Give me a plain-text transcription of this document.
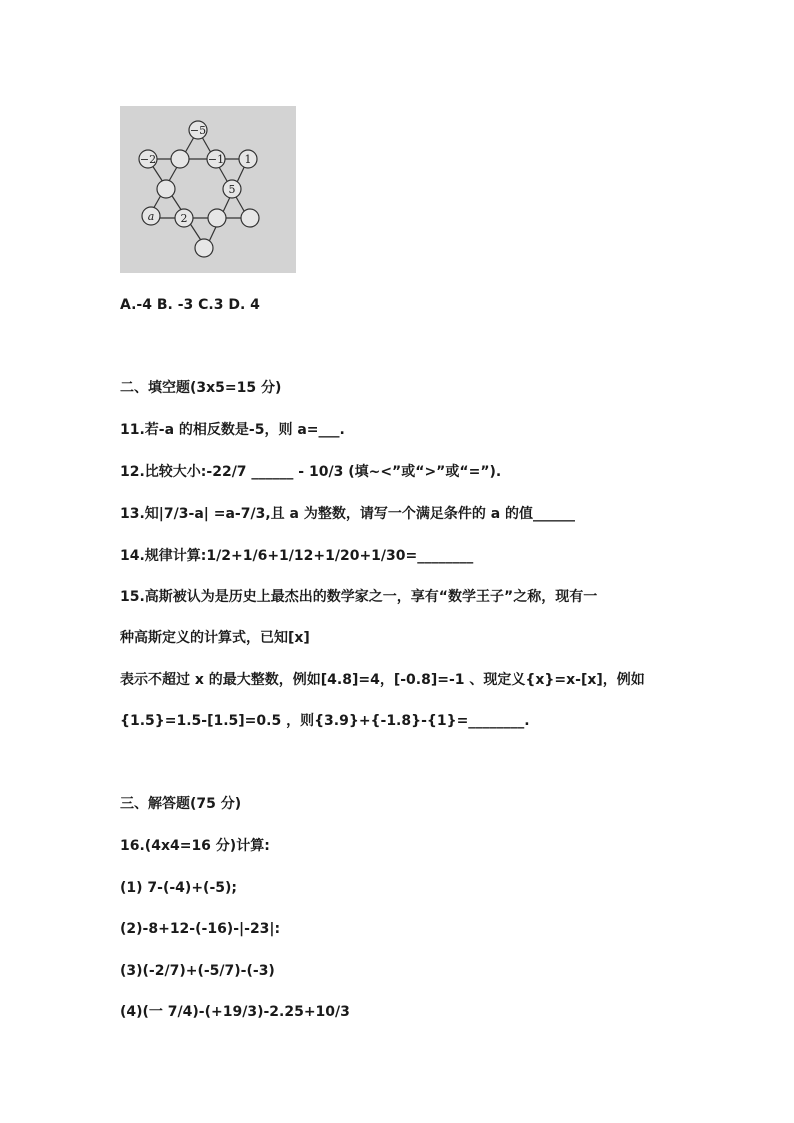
−5
−2	−1 1
5
a 2
A.-4 B. -3 C.3 D. 4
二、填空题(3x5=15 分)
11.若-a 的相反数是-5，则 a=___.
12.比较大小:-22/7 ______ - 10/3 (填~<”或“>”或“=”).
13.知|7/3-a| =a-7/3,且 a 为整数，请写一个满足条件的 a 的值______
14.规律计算:1/2+1/6+1/12+1/20+1/30=________
15.高斯被认为是历史上最杰出的数学家之一，享有“数学王子”之称，现有一
种高斯定义的计算式，已知[x]
表示不超过 x 的最大整数，例如[4.8]=4，[-0.8]=-1 、现定义{x}=x-[x]，例如
{1.5}=1.5-[1.5]=0.5 ，则{3.9}+{-1.8}-{1}=________.
三、解答题(75 分)
16.(4x4=16 分)计算:
(1) 7-(-4)+(-5);
(2)-8+12-(-16)-|-23|:
(3)(-2/7)+(-5/7)-(-3)
(4)(一 7/4)-(+19/3)-2.25+10/3
